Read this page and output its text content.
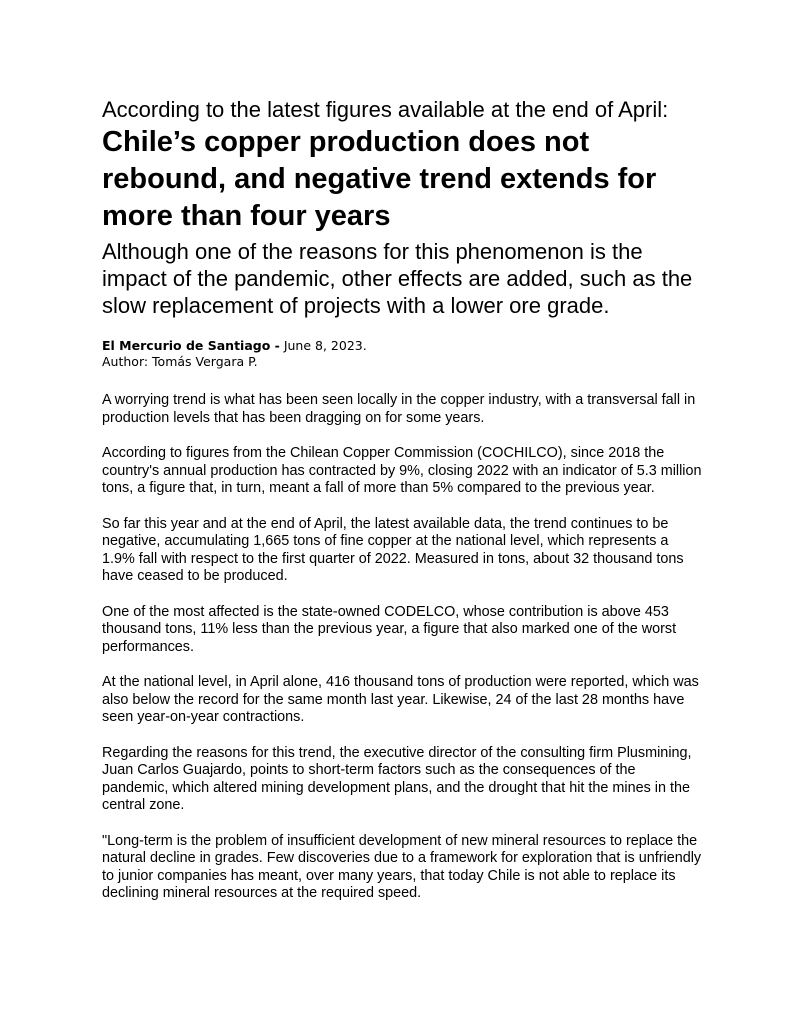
According to the latest figures available at the end of April:
Chile’s copper production does not rebound, and negative trend extends for more than four years
Although one of the reasons for this phenomenon is the impact of the pandemic, other effects are added, such as the slow replacement of projects with a lower ore grade.
El Mercurio de Santiago - June 8, 2023.
Author: Tomás Vergara P.

A worrying trend is what has been seen locally in the copper industry, with a transversal fall in production levels that has been dragging on for some years.

According to figures from the Chilean Copper Commission (COCHILCO), since 2018 the country's annual production has contracted by 9%, closing 2022 with an indicator of 5.3 million tons, a figure that, in turn, meant a fall of more than 5% compared to the previous year.

So far this year and at the end of April, the latest available data, the trend continues to be negative, accumulating 1,665 tons of fine copper at the national level, which represents a 1.9% fall with respect to the first quarter of 2022. Measured in tons, about 32 thousand tons have ceased to be produced.

One of the most affected is the state-owned CODELCO, whose contribution is above 453 thousand tons, 11% less than the previous year, a figure that also marked one of the worst performances.

At the national level, in April alone, 416 thousand tons of production were reported, which was also below the record for the same month last year. Likewise, 24 of the last 28 months have seen year-on-year contractions.

Regarding the reasons for this trend, the executive director of the consulting firm Plusmining, Juan Carlos Guajardo, points to short-term factors such as the consequences of the pandemic, which altered mining development plans, and the drought that hit the mines in the central zone.

"Long-term is the problem of insufficient development of new mineral resources to replace the natural decline in grades. Few discoveries due to a framework for exploration that is unfriendly to junior companies has meant, over many years, that today Chile is not able to replace its declining mineral resources at the required speed.
